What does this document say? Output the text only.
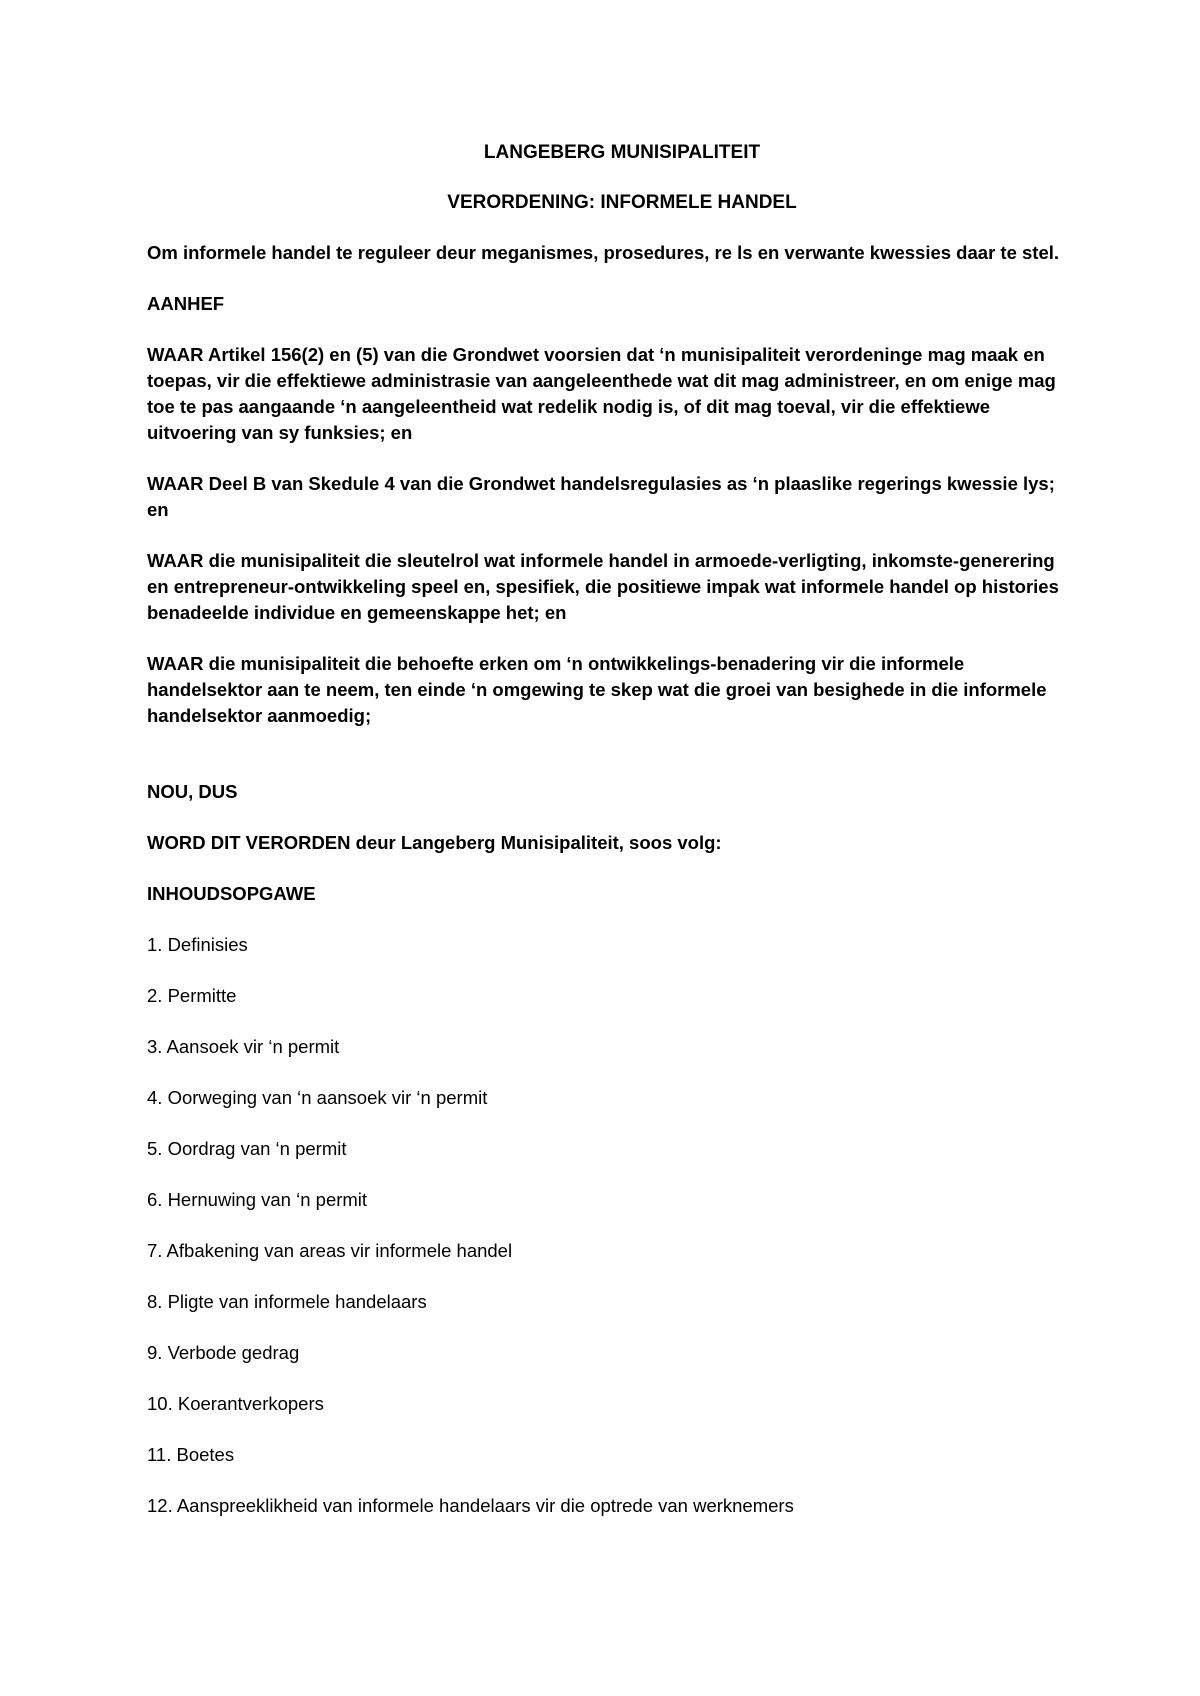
LANGEBERG MUNISIPALITEIT

VERORDENING: INFORMELE HANDEL

Om informele handel te reguleer deur meganismes, prosedures, re ls en verwante kwessies daar te stel.

AANHEF

WAAR Artikel 156(2) en (5) van die Grondwet voorsien dat ‘n munisipaliteit verordeninge mag maak en toepas, vir die effektiewe administrasie van aangeleenthede wat dit mag administreer, en om enige mag toe te pas aangaande ‘n aangeleentheid wat redelik nodig is, of dit mag toeval, vir die effektiewe uitvoering van sy funksies; en

WAAR Deel B van Skedule 4 van die Grondwet handelsregulasies as ‘n plaaslike regerings kwessie lys; en

WAAR die munisipaliteit die sleutelrol wat informele handel in armoede-verligting, inkomste-generering en entrepreneur-ontwikkeling speel en, spesifiek, die positiewe impak wat informele handel op histories benadeelde individue en gemeenskappe het; en

WAAR die munisipaliteit die behoefte erken om ‘n ontwikkelings-benadering vir die informele handelsektor aan te neem, ten einde ‘n omgewing te skep wat die groei van besighede in die informele handelsektor aanmoedig;

NOU, DUS

WORD DIT VERORDEN deur Langeberg Munisipaliteit, soos volg:

INHOUDSOPGAWE

1. Definisies
2. Permitte
3. Aansoek vir ‘n permit
4. Oorweging van ‘n aansoek vir ‘n permit
5. Oordrag van ‘n permit
6. Hernuwing van ‘n permit
7. Afbakening van areas vir informele handel
8. Pligte van informele handelaars
9. Verbode gedrag
10. Koerantverkopers
11. Boetes
12. Aanspreeklikheid van informele handelaars vir die optrede van werknemers
